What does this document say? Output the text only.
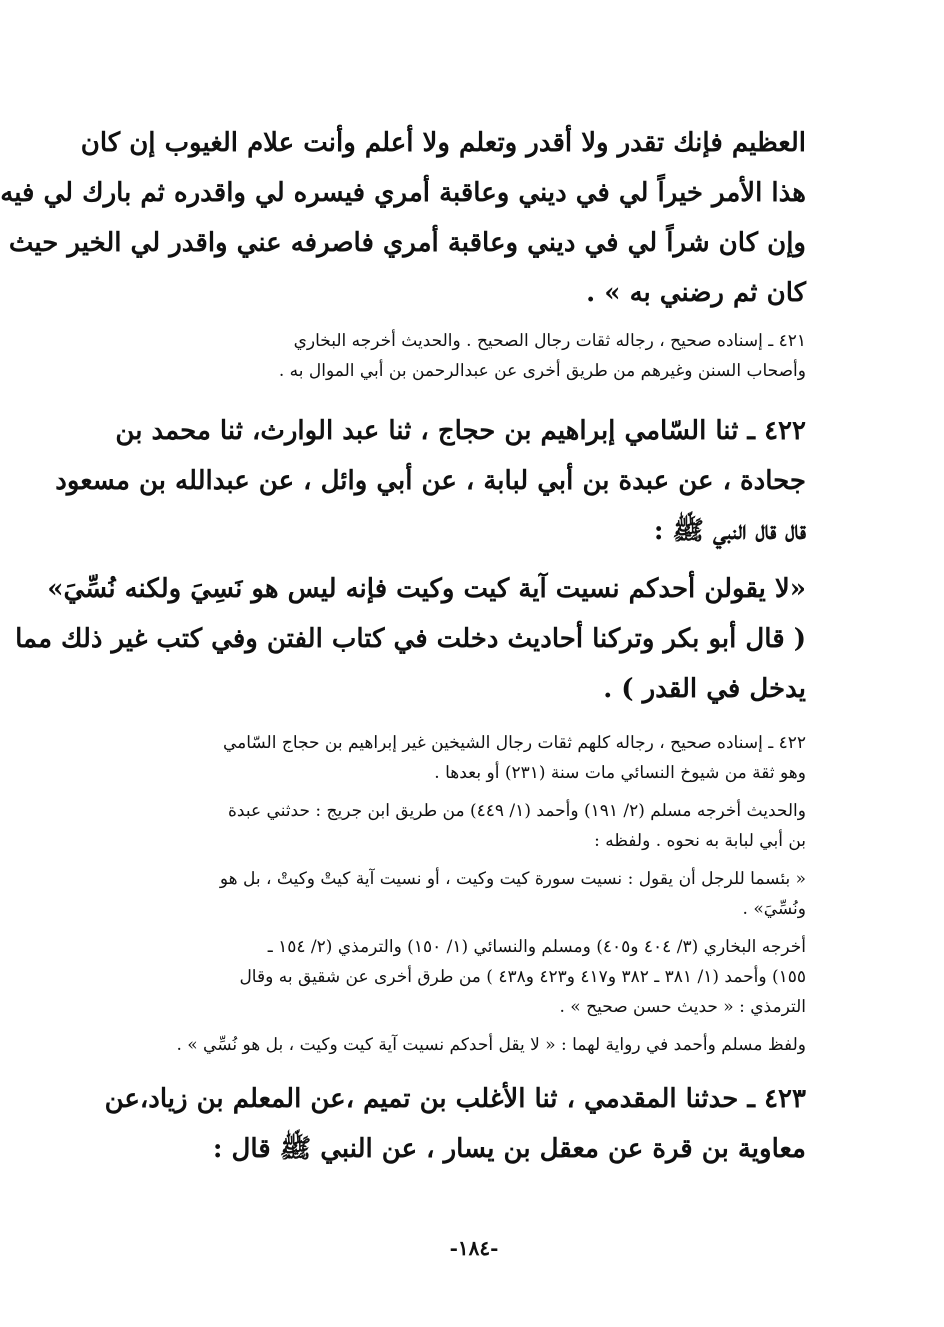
العظيم فإنك تقدر ولا أقدر وتعلم ولا أعلم وأنت علام الغيوب إن كان
هذا الأمر خيراً لي في ديني وعاقبة أمري فيسره لي واقدره ثم بارك لي فيه
وإن كان شراً لي في ديني وعاقبة أمري فاصرفه عني واقدر لي الخير حيث
كان ثم رضني به » .
٤٢١ ـ إسناده صحيح ، رجاله ثقات رجال الصحيح . والحديث أخرجه البخاري
وأصحاب السنن وغيرهم من طريق أخرى عن عبدالرحمن بن أبي الموال به .
٤٢٢ ـ ثنا السّامي إبراهيم بن حجاج ، ثنا عبد الوارث، ثنا محمد بن
جحادة ، عن عبدة بن أبي لبابة ، عن أبي وائل ، عن عبدالله بن مسعود
قال قال النبي ﷺ :
«لا يقولن أحدكم نسيت آية كيت وكيت فإنه ليس هو نَسِيَ ولكنه نُسِّيَ»
( قال أبو بكر وتركنا أحاديث دخلت في كتاب الفتن وفي كتب غير ذلك مما
يدخل في القدر ) .
٤٢٢ ـ إسناده صحيح ، رجاله كلهم ثقات رجال الشيخين غير إبراهيم بن حجاج السّامي
وهو ثقة من شيوخ النسائي مات سنة (٢٣١) أو بعدها .
والحديث أخرجه مسلم (٢/ ١٩١) وأحمد (١/ ٤٤٩) من طريق ابن جريج : حدثني عبدة
بن أبي لبابة به نحوه . ولفظه :
« بئسما للرجل أن يقول : نسيت سورة كيت وكيت ، أو نسيت آية كيتْ وكيتْ ، بل هو
ونُسِّيَ» .
أخرجه البخاري (٣/ ٤٠٤ و٤٠٥) ومسلم والنسائي (١/ ١٥٠) والترمذي (٢/ ١٥٤ ـ
١٥٥) وأحمد (١/ ٣٨١ ـ ٣٨٢ و٤١٧ و٤٢٣ و٤٣٨ ) من طرق أخرى عن شقيق به وقال
الترمذي : « حديث حسن صحيح » .
ولفظ مسلم وأحمد في رواية لهما : « لا يقل أحدكم نسيت آية كيت وكيت ، بل هو نُسِّي » .
٤٢٣ ـ حدثنا المقدمي ، ثنا الأغلب بن تميم ،عن المعلم بن زياد،عن
معاوية بن قرة عن معقل بن يسار ، عن النبي ﷺ قال :
-١٨٤-
